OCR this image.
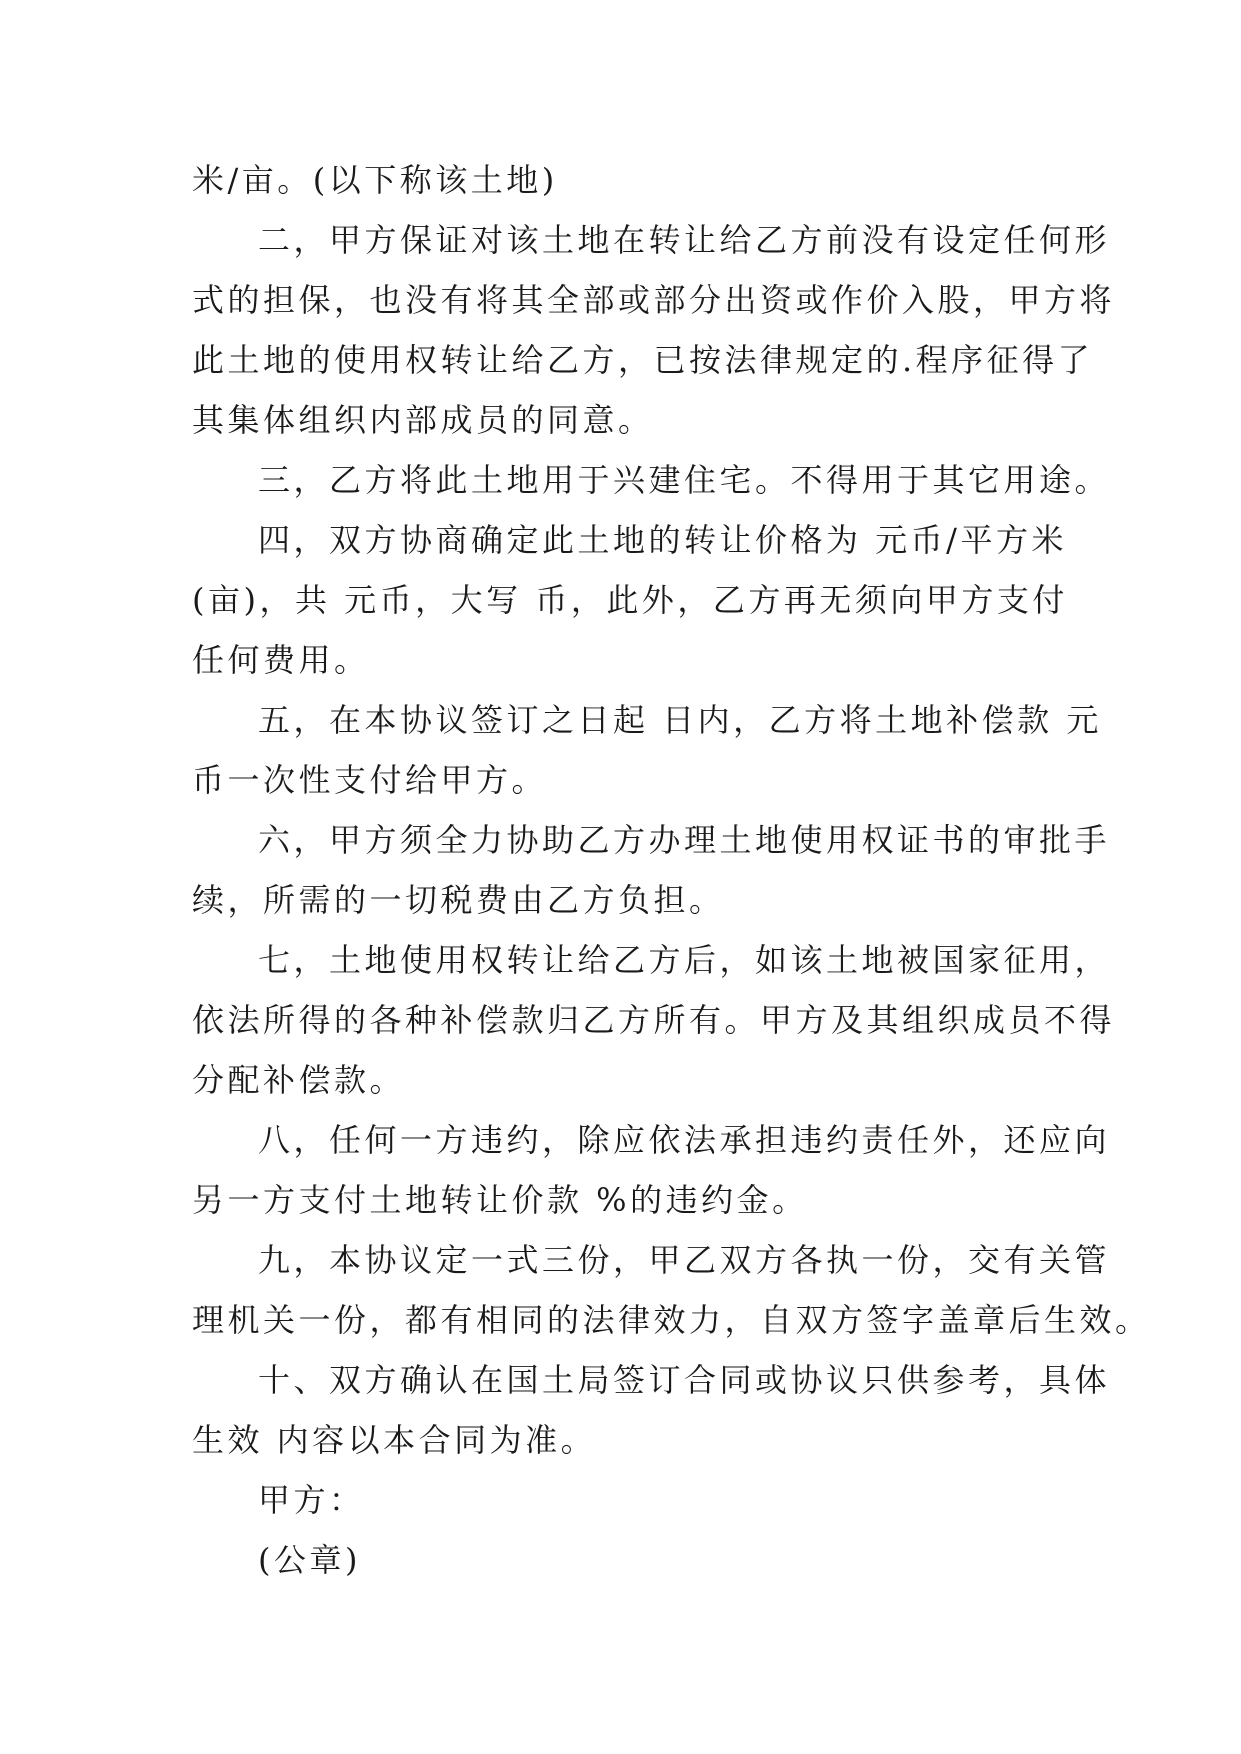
米/亩。(以下称该土地)
二，甲方保证对该土地在转让给乙方前没有设定任何形
式的担保，也没有将其全部或部分出资或作价入股，甲方将
此土地的使用权转让给乙方，已按法律规定的.程序征得了
其集体组织内部成员的同意。
三，乙方将此土地用于兴建住宅。不得用于其它用途。
四，双方协商确定此土地的转让价格为 元币/平方米
(亩)，共 元币，大写 币，此外，乙方再无须向甲方支付
任何费用。
五，在本协议签订之日起 日内，乙方将土地补偿款 元
币一次性支付给甲方。
六，甲方须全力协助乙方办理土地使用权证书的审批手
续，所需的一切税费由乙方负担。
七，土地使用权转让给乙方后，如该土地被国家征用，
依法所得的各种补偿款归乙方所有。甲方及其组织成员不得
分配补偿款。
八，任何一方违约，除应依法承担违约责任外，还应向
另一方支付土地转让价款 %的违约金。
九，本协议定一式三份，甲乙双方各执一份，交有关管
理机关一份，都有相同的法律效力，自双方签字盖章后生效。
十、双方确认在国土局签订合同或协议只供参考，具体
生效 内容以本合同为准。
甲方：
(公章)
